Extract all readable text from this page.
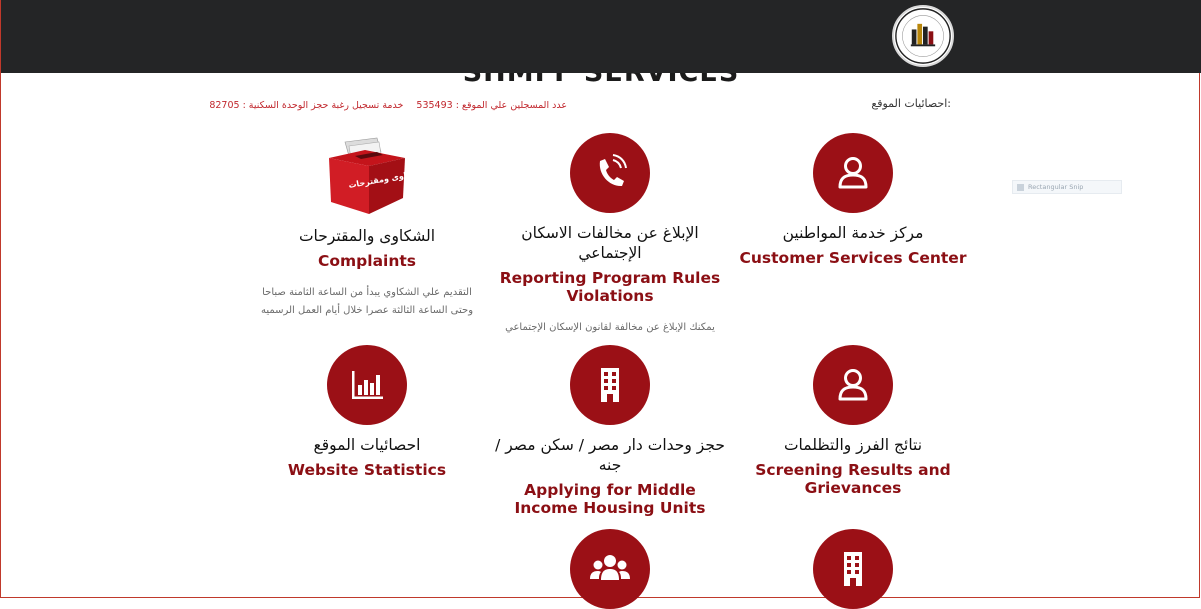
احصائيات الموقع:
عدد المسجلين علي الموقع : 535493 خدمة تسجيل رغبة حجز الوحدة السكنية : 82705
Rectangular Snip
مركز خدمة المواطنين
Customer Services Center
الإبلاغ عن مخالفات الاسكان الإجتماعي
Reporting Program Rules Violations
يمكنك الإبلاغ عن مخالفة لقانون الإسكان الإجتماعي
شكاوى ومقترحات
الشكاوى والمقترحات
Complaints
التقديم علي الشكاوي يبدأ من الساعة الثامنة صباحا وحتى الساعة الثالثة عصرا خلال أيام العمل الرسميه
نتائج الفرز والتظلمات
Screening Results and Grievances
حجز وحدات دار مصر / سكن مصر / جنه
Applying for Middle Income Housing Units
احصائيات الموقع
Website Statistics
